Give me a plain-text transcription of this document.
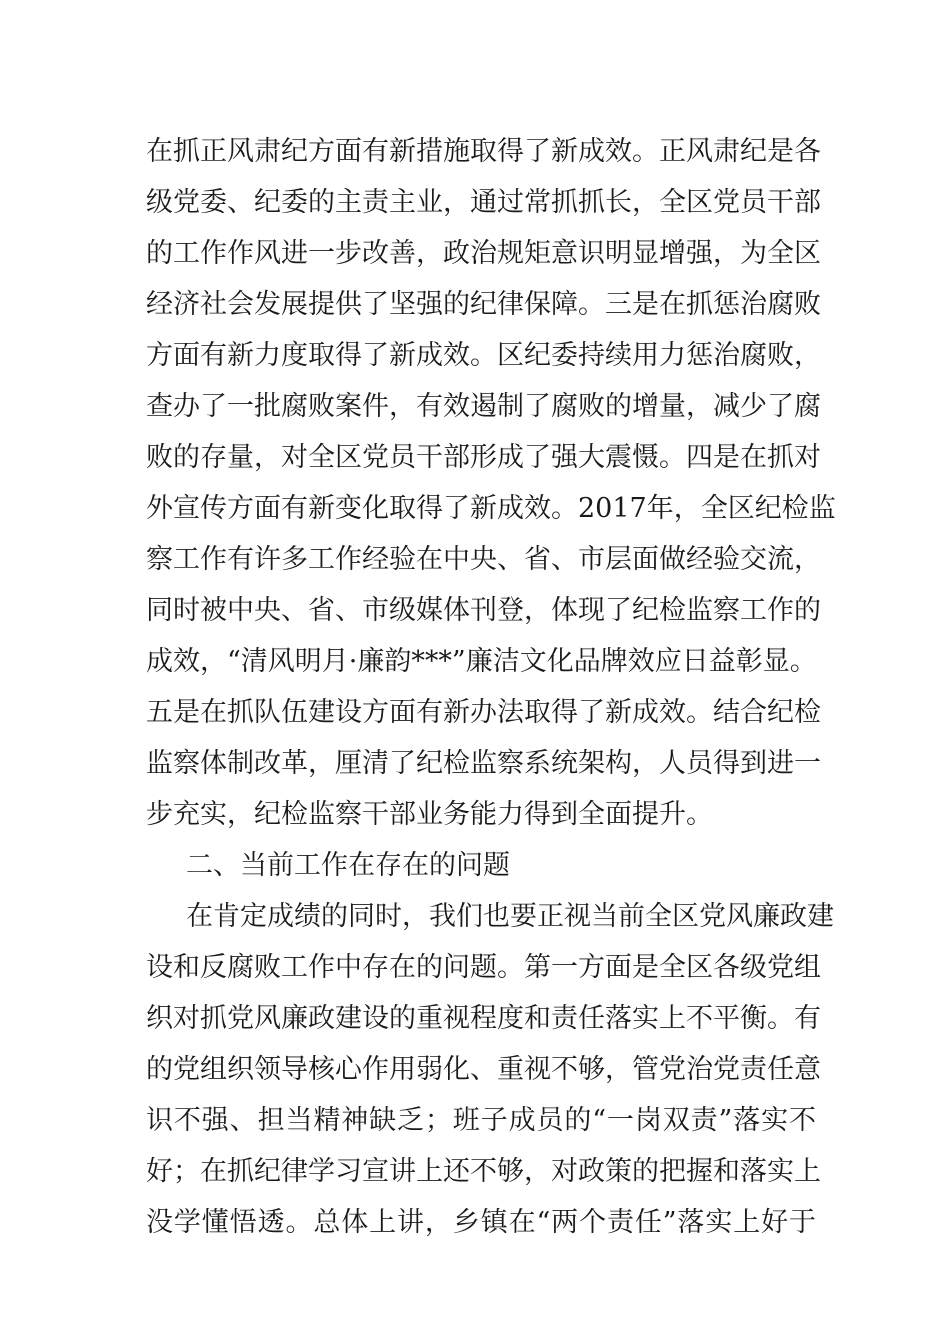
在抓正风肃纪方面有新措施取得了新成效。正风肃纪是各
级党委、纪委的主责主业，通过常抓抓长，全区党员干部
的工作作风进一步改善，政治规矩意识明显增强，为全区
经济社会发展提供了坚强的纪律保障。三是在抓惩治腐败
方面有新力度取得了新成效。区纪委持续用力惩治腐败，
查办了一批腐败案件，有效遏制了腐败的增量，减少了腐
败的存量，对全区党员干部形成了强大震慑。四是在抓对
外宣传方面有新变化取得了新成效。2017年，全区纪检监
察工作有许多工作经验在中央、省、市层面做经验交流，
同时被中央、省、市级媒体刊登，体现了纪检监察工作的
成效，“清风明月·廉韵***”廉洁文化品牌效应日益彰显。
五是在抓队伍建设方面有新办法取得了新成效。结合纪检
监察体制改革，厘清了纪检监察系统架构，人员得到进一
步充实，纪检监察干部业务能力得到全面提升。
二、当前工作在存在的问题
在肯定成绩的同时，我们也要正视当前全区党风廉政建
设和反腐败工作中存在的问题。第一方面是全区各级党组
织对抓党风廉政建设的重视程度和责任落实上不平衡。有
的党组织领导核心作用弱化、重视不够，管党治党责任意
识不强、担当精神缺乏；班子成员的“一岗双责”落实不
好；在抓纪律学习宣讲上还不够，对政策的把握和落实上
没学懂悟透。总体上讲，乡镇在“两个责任”落实上好于
